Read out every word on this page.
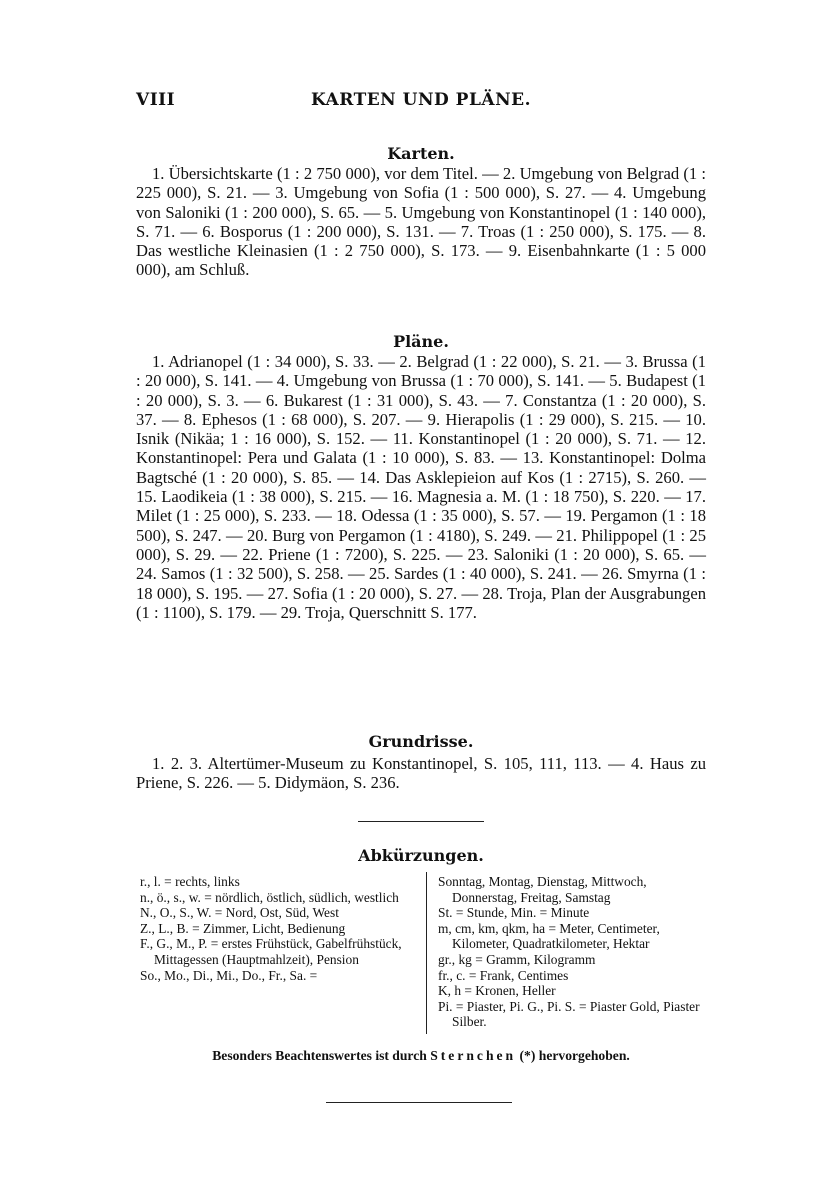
VIII	KARTEN UND PLÄNE.
Karten.

1. Übersichtskarte (1 : 2 750 000), vor dem Titel. — 2. Umgebung von Belgrad (1 : 225 000), S. 21. — 3. Umgebung von Sofia (1 : 500 000), S. 27. — 4. Umgebung von Saloniki (1 : 200 000), S. 65. — 5. Umgebung von Konstantinopel (1 : 140 000), S. 71. — 6. Bosporus (1 : 200 000), S. 131. — 7. Troas (1 : 250 000), S. 175. — 8. Das westliche Kleinasien (1 : 2 750 000), S. 173. — 9. Eisenbahnkarte (1 : 5 000 000), am Schluß.

Pläne.

1. Adrianopel (1 : 34 000), S. 33. — 2. Belgrad (1 : 22 000), S. 21. — 3. Brussa (1 : 20 000), S. 141. — 4. Umgebung von Brussa (1 : 70 000), S. 141. — 5. Budapest (1 : 20 000), S. 3. — 6. Bukarest (1 : 31 000), S. 43. — 7. Constantza (1 : 20 000), S. 37. — 8. Ephesos (1 : 68 000), S. 207. — 9. Hierapolis (1 : 29 000), S. 215. — 10. Isnik (Nikäa; 1 : 16 000), S. 152. — 11. Konstantinopel (1 : 20 000), S. 71. — 12. Konstantinopel: Pera und Galata (1 : 10 000), S. 83. — 13. Konstantinopel: Dolma Bagtsché (1 : 20 000), S. 85. — 14. Das Asklepieion auf Kos (1 : 2715), S. 260. — 15. Laodikeia (1 : 38 000), S. 215. — 16. Magnesia a. M. (1 : 18 750), S. 220. — 17. Milet (1 : 25 000), S. 233. — 18. Odessa (1 : 35 000), S. 57. — 19. Pergamon (1 : 18 500), S. 247. — 20. Burg von Pergamon (1 : 4180), S. 249. — 21. Philippopel (1 : 25 000), S. 29. — 22. Priene (1 : 7200), S. 225. — 23. Saloniki (1 : 20 000), S. 65. — 24. Samos (1 : 32 500), S. 258. — 25. Sardes (1 : 40 000), S. 241. — 26. Smyrna (1 : 18 000), S. 195. — 27. Sofia (1 : 20 000), S. 27. — 28. Troja, Plan der Ausgrabungen (1 : 1100), S. 179. — 29. Troja, Querschnitt S. 177.

Grundrisse.

1. 2. 3. Altertümer-Museum zu Konstantinopel, S. 105, 111, 113. — 4. Haus zu Priene, S. 226. — 5. Didymäon, S. 236.

Abkürzungen.

r., l. = rechts, links

n., ö., s., w. = nördlich, östlich, südlich, westlich

N., O., S., W. = Nord, Ost, Süd, West

Z., L., B. = Zimmer, Licht, Bedienung

F., G., M., P. = erstes Frühstück, Gabelfrühstück, Mittagessen (Hauptmahlzeit), Pension

So., Mo., Di., Mi., Do., Fr., Sa. =

Sonntag, Montag, Dienstag, Mittwoch, Donnerstag, Freitag, Samstag

St. = Stunde, Min. = Minute

m, cm, km, qkm, ha = Meter, Centimeter, Kilometer, Quadratkilometer, Hektar

gr., kg = Gramm, Kilogramm

fr., c. = Frank, Centimes

K, h = Kronen, Heller

Pi. = Piaster, Pi. G., Pi. S. = Piaster Gold, Piaster Silber.

Besonders Beachtenswertes ist durch Sternchen (*) hervorgehoben.
